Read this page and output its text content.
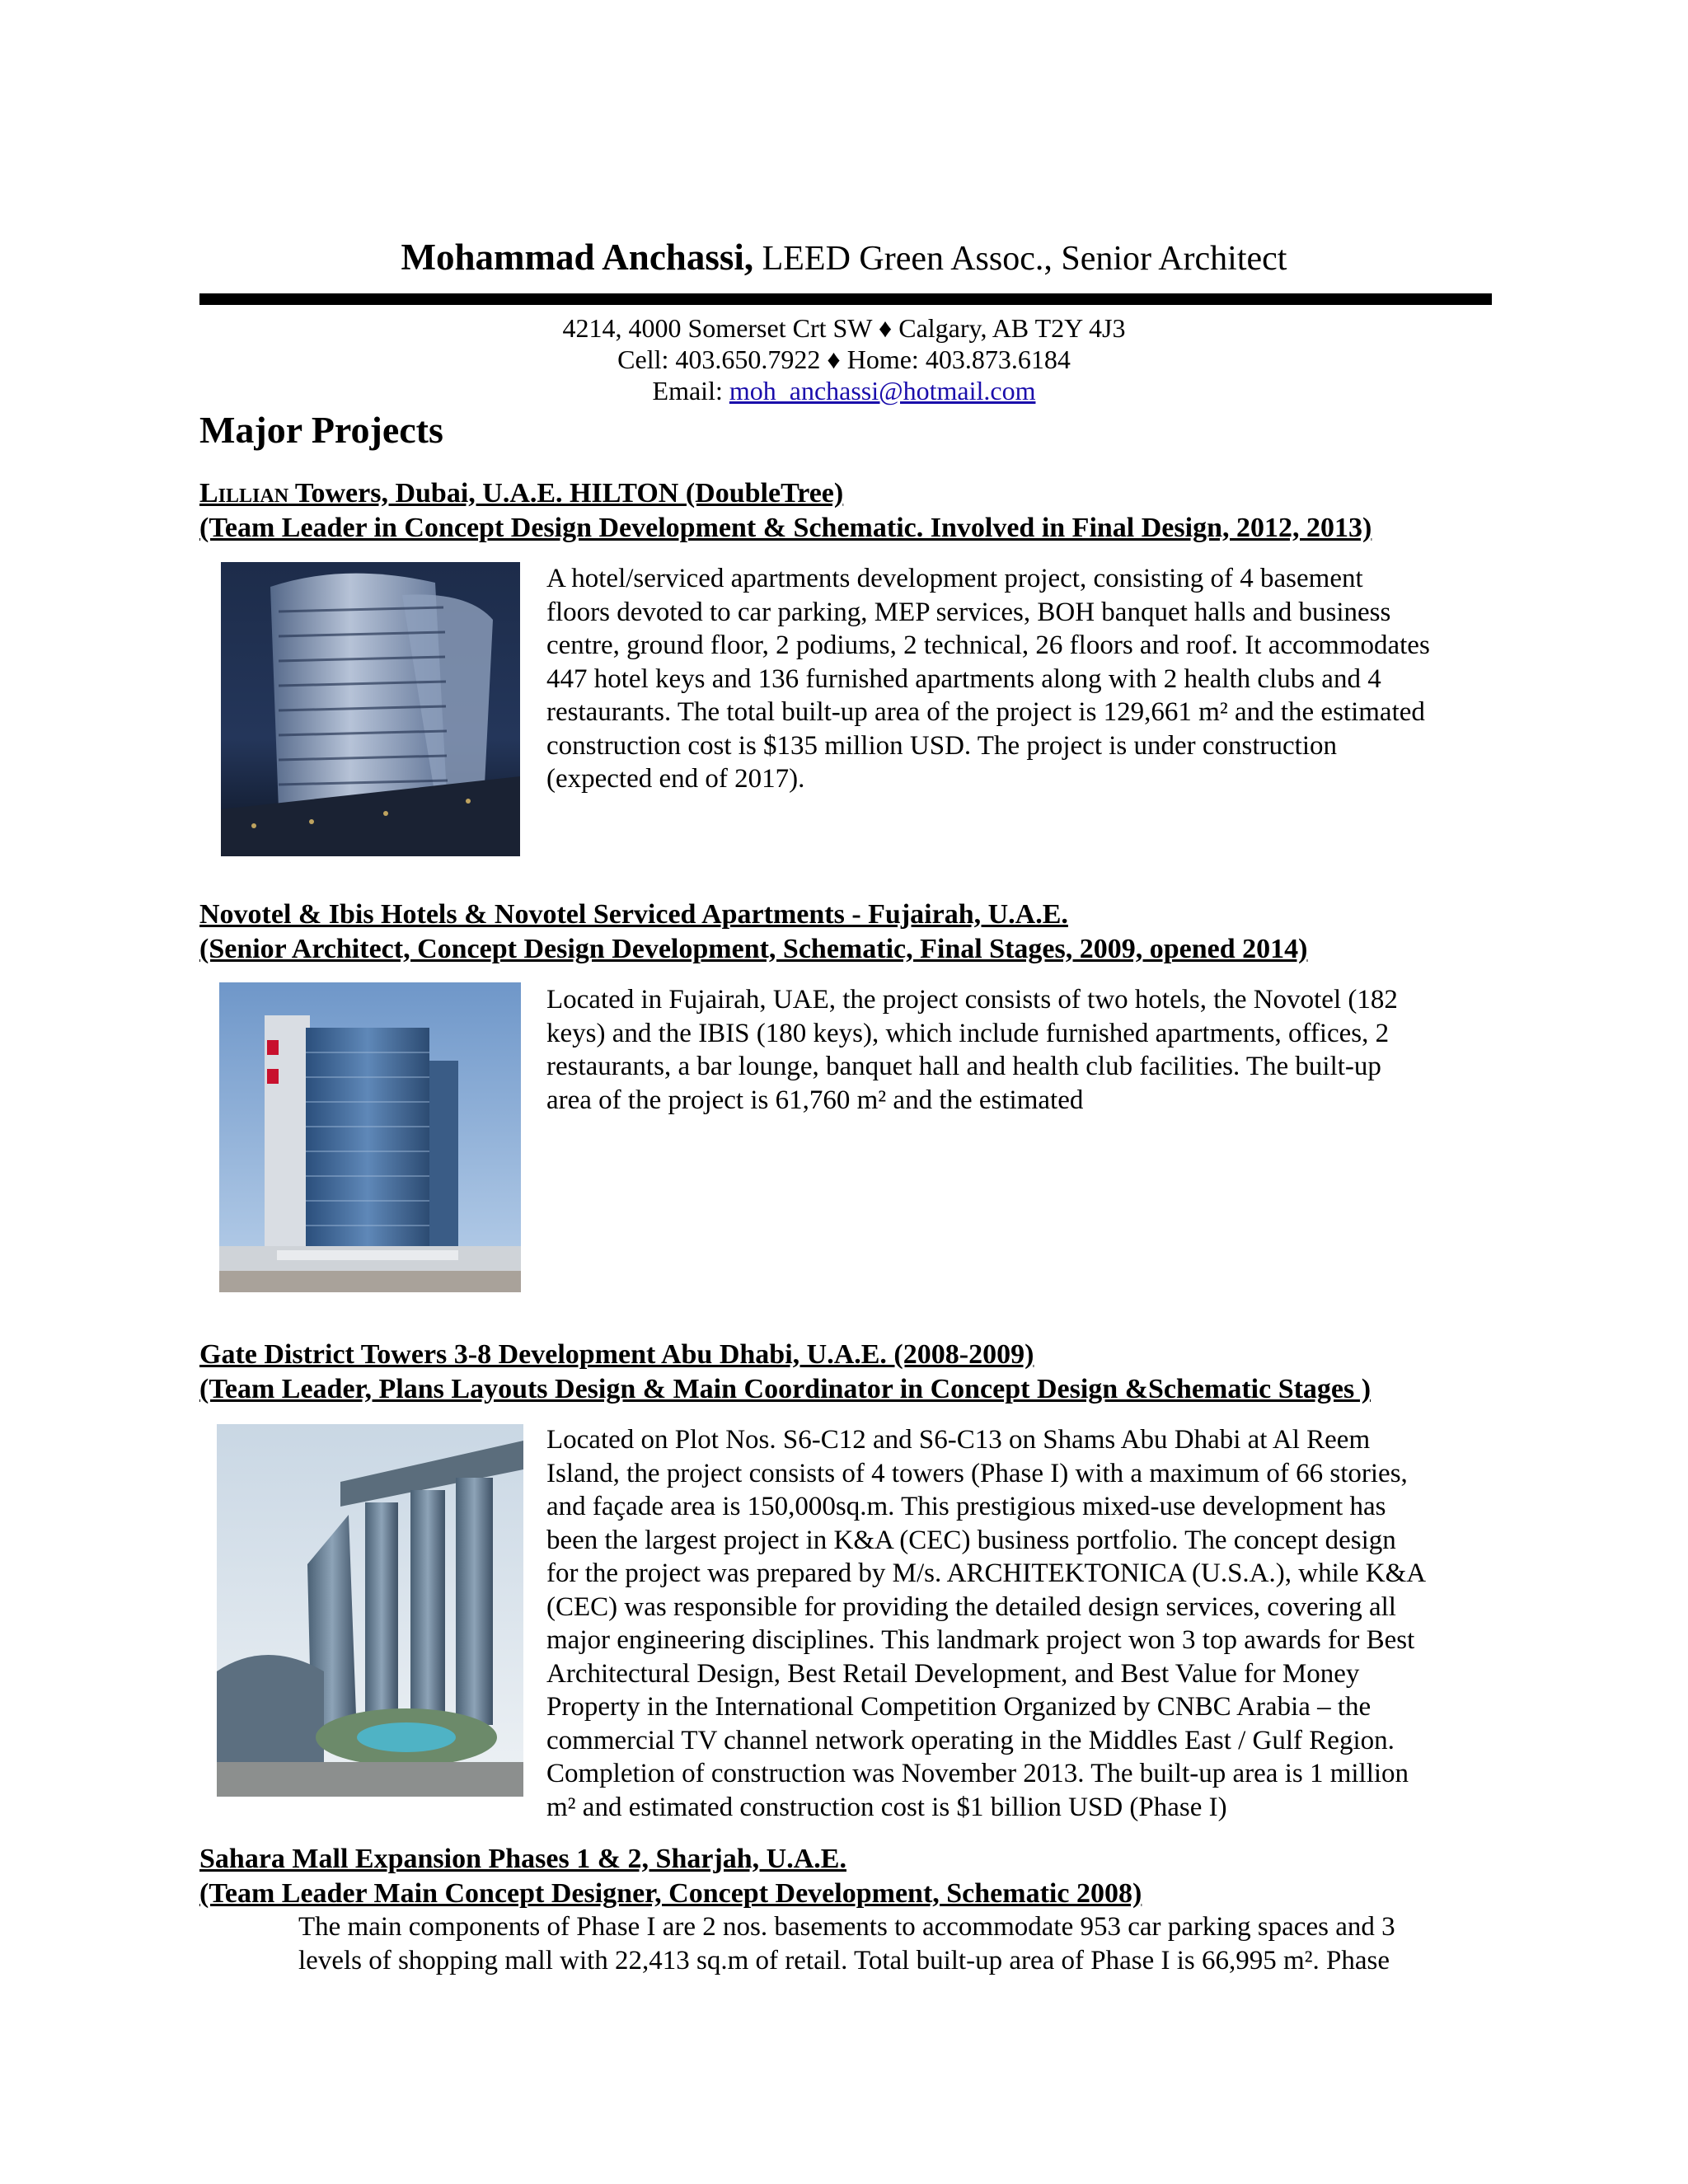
Mohammad Anchassi, LEED Green Assoc., Senior Architect
4214, 4000 Somerset Crt SW ♦ Calgary, AB T2Y 4J3
Cell: 403.650.7922 ♦ Home: 403.873.6184
Email: moh_anchassi@hotmail.com
Major Projects
Lillian Towers, Dubai, U.A.E. HILTON (DoubleTree)
(Team Leader in Concept Design Development & Schematic. Involved in Final Design, 2012, 2013)
A hotel/serviced apartments development project, consisting of 4 basement
floors devoted to car parking, MEP services, BOH banquet halls and business
centre, ground floor, 2 podiums, 2 technical, 26 floors and roof. It accommodates
447 hotel keys and 136 furnished apartments along with 2 health clubs and 4
restaurants. The total built-up area of the project is 129,661 m² and the estimated
construction cost is $135 million USD. The project is under construction
(expected end of 2017).
Novotel & Ibis Hotels & Novotel Serviced Apartments - Fujairah, U.A.E.
(Senior Architect, Concept Design Development, Schematic, Final Stages, 2009, opened 2014)
Located in Fujairah, UAE, the project consists of two hotels, the Novotel (182
keys) and the IBIS (180 keys), which include furnished apartments, offices, 2
restaurants, a bar lounge, banquet hall and health club facilities. The built-up
area of the project is 61,760 m² and the estimated
Gate District Towers 3-8 Development Abu Dhabi, U.A.E. (2008-2009)
(Team Leader, Plans Layouts Design & Main Coordinator in Concept Design &Schematic Stages )
Located on Plot Nos. S6-C12 and S6-C13 on Shams Abu Dhabi at Al Reem
Island, the project consists of 4 towers (Phase I) with a maximum of 66 stories,
and façade area is 150,000sq.m. This prestigious mixed-use development has
been the largest project in K&A (CEC) business portfolio. The concept design
for the project was prepared by M/s. ARCHITEKTONICA (U.S.A.), while K&A
(CEC) was responsible for providing the detailed design services, covering all
major engineering disciplines. This landmark project won 3 top awards for Best
Architectural Design, Best Retail Development, and Best Value for Money
Property in the International Competition Organized by CNBC Arabia – the
commercial TV channel network operating in the Middles East / Gulf Region.
Completion of construction was November 2013. The built-up area is 1 million
m² and estimated construction cost is $1 billion USD (Phase I)
Sahara Mall Expansion Phases 1 & 2, Sharjah, U.A.E.
(Team Leader Main Concept Designer, Concept Development, Schematic 2008)
The main components of Phase I are 2 nos. basements to accommodate 953 car parking spaces and 3
levels of shopping mall with 22,413 sq.m of retail. Total built-up area of Phase I is 66,995 m². Phase
